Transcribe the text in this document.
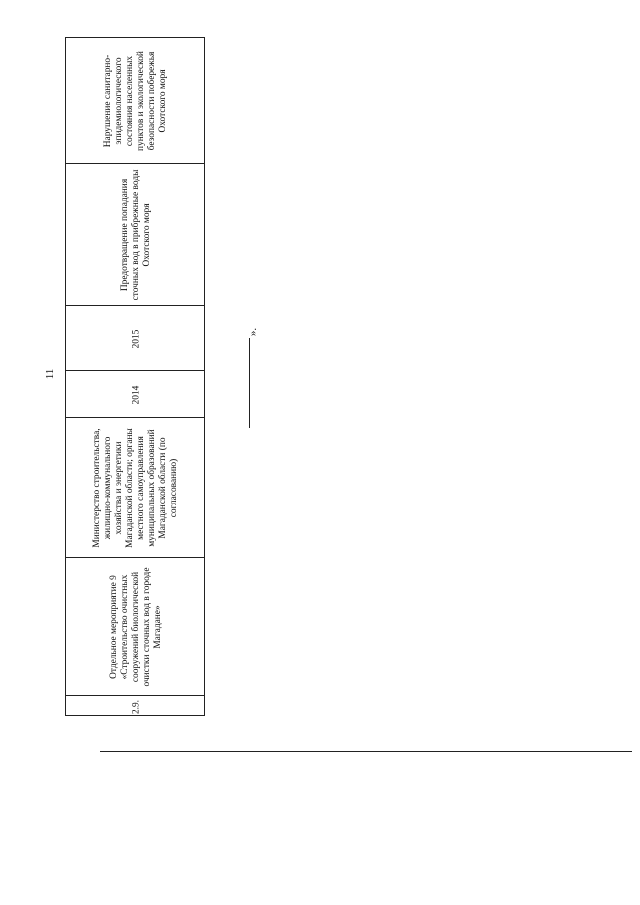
11
Нарушение санитарно-эпидемиологического состояния населенных пунктов и экологической безопасности побережья Охотского моря
Предотвращение попадания сточных вод в прибрежные воды Охотского моря
2015
2014
Министерство строительства, жилищно-коммунального хозяйства и энергетики Магаданской области; органы местного самоуправления муниципальных образований Магаданской области (по согласованию)
Отдельное мероприятие 9 «Строительство очистных сооружений биологической очистки сточных вод в городе Магадане»
2.9.
».
